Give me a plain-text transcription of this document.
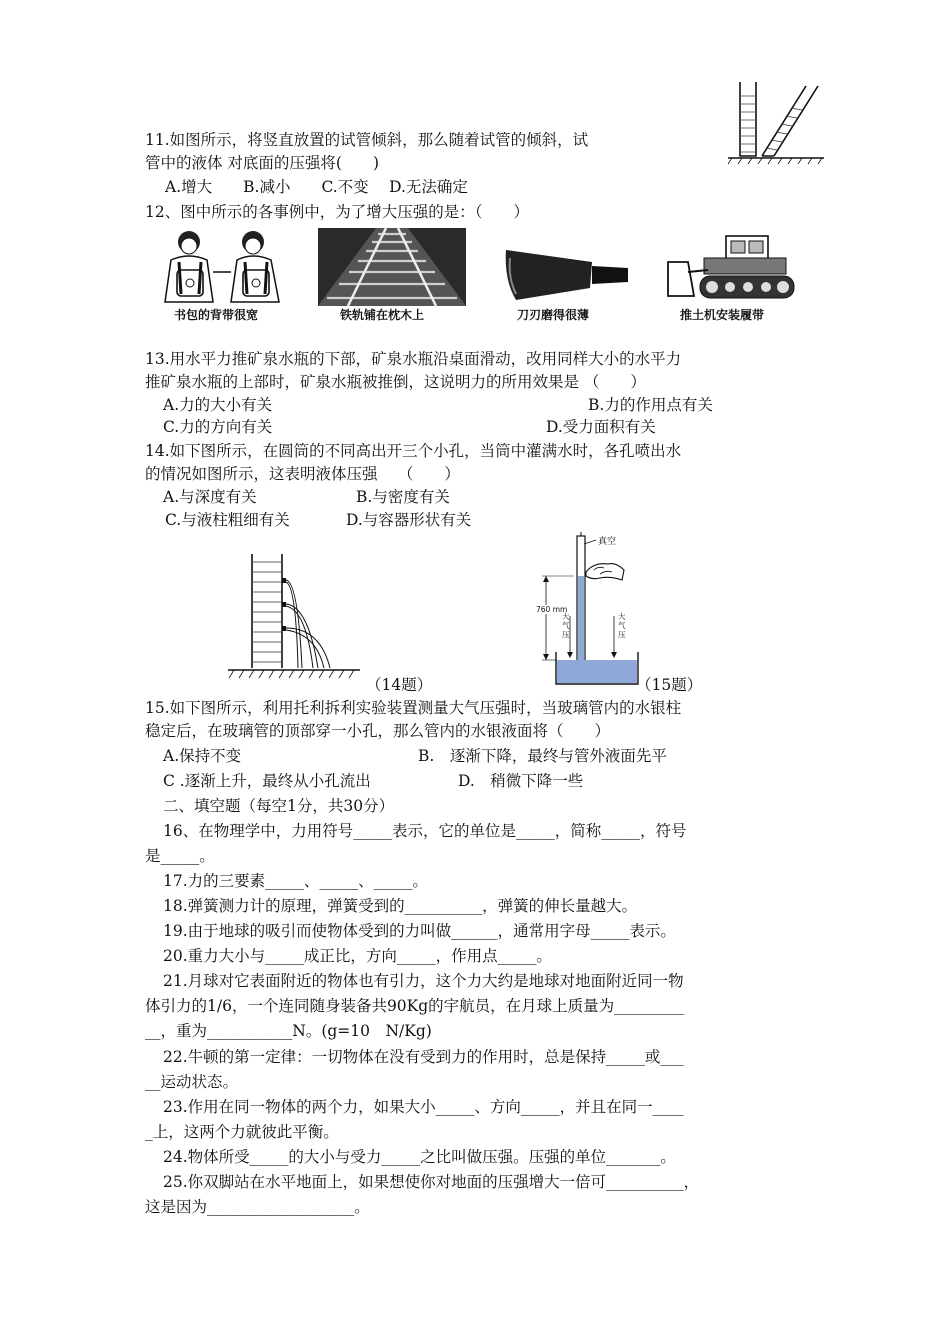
11.如图所示，将竖直放置的试管倾斜，那么随着试管的倾斜，试
管中的液体 对底面的压强将(　　)
A.增大　　B.减小　　C.不变　 D.无法确定
12、图中所示的各事例中，为了增大压强的是：（　　）
书包的背带很宽	铁轨铺在枕木上	刀刃磨得很薄	推土机安装履带
13.用水平力推矿泉水瓶的下部，矿泉水瓶沿桌面滑动，改用同样大小的水平力
推矿泉水瓶的上部时，矿泉水瓶被推倒，这说明力的所用效果是 （　　）
A.力的大小有关	B.力的作用点有关
C.力的方向有关	D.受力面积有关
14.如下图所示，在圆筒的不同高出开三个小孔，当筒中灌满水时，各孔喷出水
的情况如图所示，这表明液体压强　 （　　）
A.与深度有关	B.与密度有关
C.与液柱粗细有关	D.与容器形状有关
（14题）
真空
760 mm
大气压
大气压
（15题）
15.如下图所示，利用托利拆利实验装置测量大气压强时，当玻璃管内的水银柱
稳定后，在玻璃管的顶部穿一小孔，那么管内的水银液面将（　　）
A.保持不变	B.　逐渐下降，最终与管外液面先平
C .逐渐上升，最终从小孔流出	D.　稍微下降一些
二、填空题（每空1分，共30分）
16、在物理学中，力用符号_____表示，它的单位是_____，简称_____，符号
是_____。
17.力的三要素_____、_____、_____。
18.弹簧测力计的原理，弹簧受到的__________，弹簧的伸长量越大。
19.由于地球的吸引而使物体受到的力叫做______，通常用字母_____表示。
20.重力大小与_____成正比，方向_____，作用点_____。
21.月球对它表面附近的物体也有引力，这个力大约是地球对地面附近同一物
体引力的1/6，一个连同随身装备共90Kg的宇航员，在月球上质量为_________
__，重为___________N。(g=10　N/Kg)
22.牛顿的第一定律：一切物体在没有受到力的作用时，总是保持_____或___
__运动状态。
23.作用在同一物体的两个力，如果大小_____、方向_____，并且在同一____
_上，这两个力就彼此平衡。
24.物体所受_____的大小与受力_____之比叫做压强。压强的单位_______。
25.你双脚站在水平地面上，如果想使你对地面的压强增大一倍可__________，
这是因为___________________。
